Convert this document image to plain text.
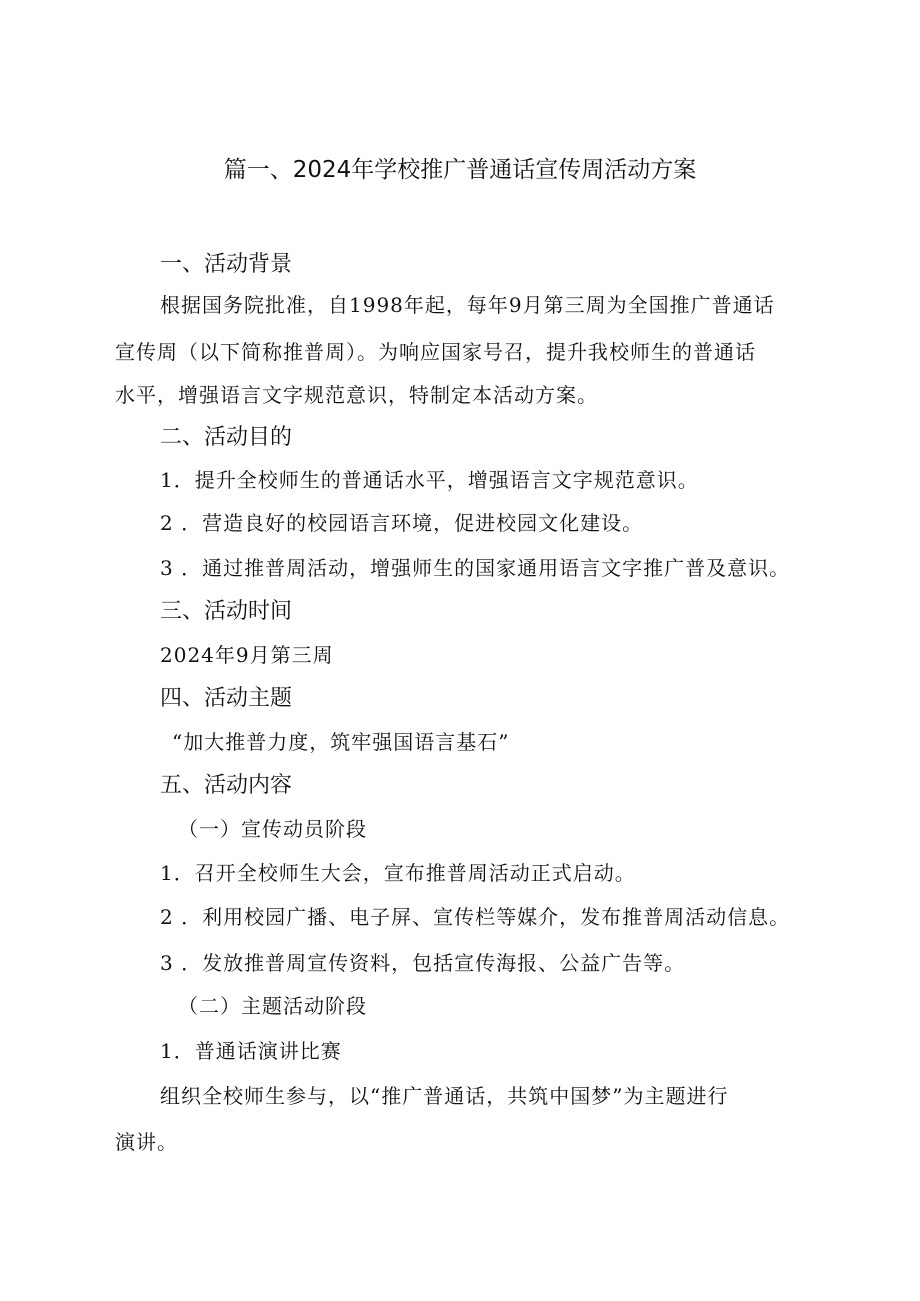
篇一、2024年学校推广普通话宣传周活动方案
一、活动背景
根据国务院批准，自1998年起，每年9月第三周为全国推广普通话
宣传周（以下简称推普周）。为响应国家号召，提升我校师生的普通话
水平，增强语言文字规范意识，特制定本活动方案。
二、活动目的
1．提升全校师生的普通话水平，增强语言文字规范意识。
2 ．营造良好的校园语言环境，促进校园文化建设。
3 ．通过推普周活动，增强师生的国家通用语言文字推广普及意识。
三、活动时间
2024年9月第三周
四、活动主题
“加大推普力度，筑牢强国语言基石”
五、活动内容
（一）宣传动员阶段
1．召开全校师生大会，宣布推普周活动正式启动。
2 ．利用校园广播、电子屏、宣传栏等媒介，发布推普周活动信息。
3 ．发放推普周宣传资料，包括宣传海报、公益广告等。
（二）主题活动阶段
1．普通话演讲比赛
组织全校师生参与，以“推广普通话，共筑中国梦”为主题进行
演讲。
